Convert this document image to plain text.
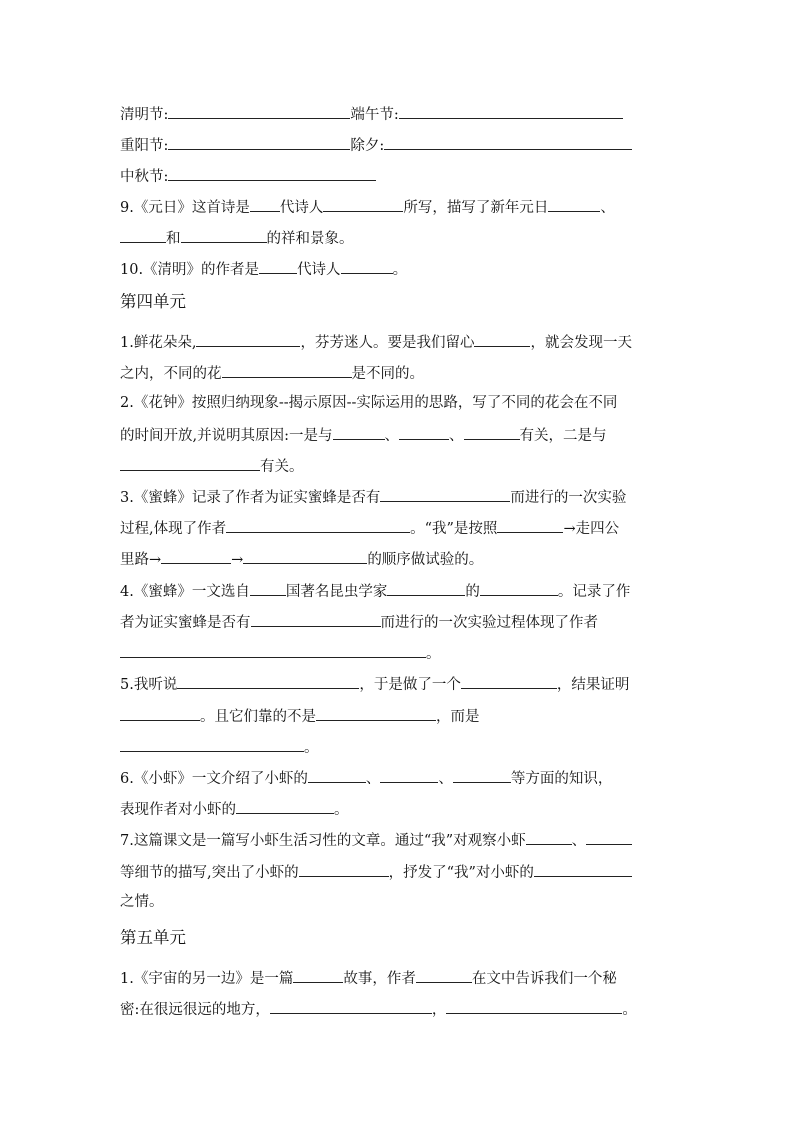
清明节:	端午节:
重阳节:	除夕:
中秋节:
9.《元日》这首诗是 代诗人	所写，描写了新年元日	、
和	的祥和景象。
10.《清明》的作者是	代诗人	。
第四单元
1.鲜花朵朵,	，芬芳迷人。要是我们留心	，就会发现一天
之内，不同的花	是不同的。
2.《花钟》按照归纳现象--揭示原因--实际运用的思路，写了不同的花会在不同
的时间开放,并说明其原因:一是与	、	、	有关，二是与
有关。
3.《蜜蜂》记录了作者为证实蜜蜂是否有	而进行的一次实验
过程,体现了作者	。“我”是按照	→走四公
里路→	→	的顺序做试验的。
4.《蜜蜂》一文选自 国著名昆虫学家	的	。记录了作
者为证实蜜蜂是否有	而进行的一次实验过程体现了作者
。
5.我听说	，于是做了一个	，结果证明
。且它们靠的不是	，而是
。
6.《小虾》一文介绍了小虾的	、	、	等方面的知识，
表现作者对小虾的	。
7.这篇课文是一篇写小虾生活习性的文章。通过“我”对观察小虾	、
等细节的描写,突出了小虾的	，抒发了“我”对小虾的
之情。
第五单元
1.《宇宙的另一边》是一篇	故事，作者	在文中告诉我们一个秘
密:在很远很远的地方，	，	。
